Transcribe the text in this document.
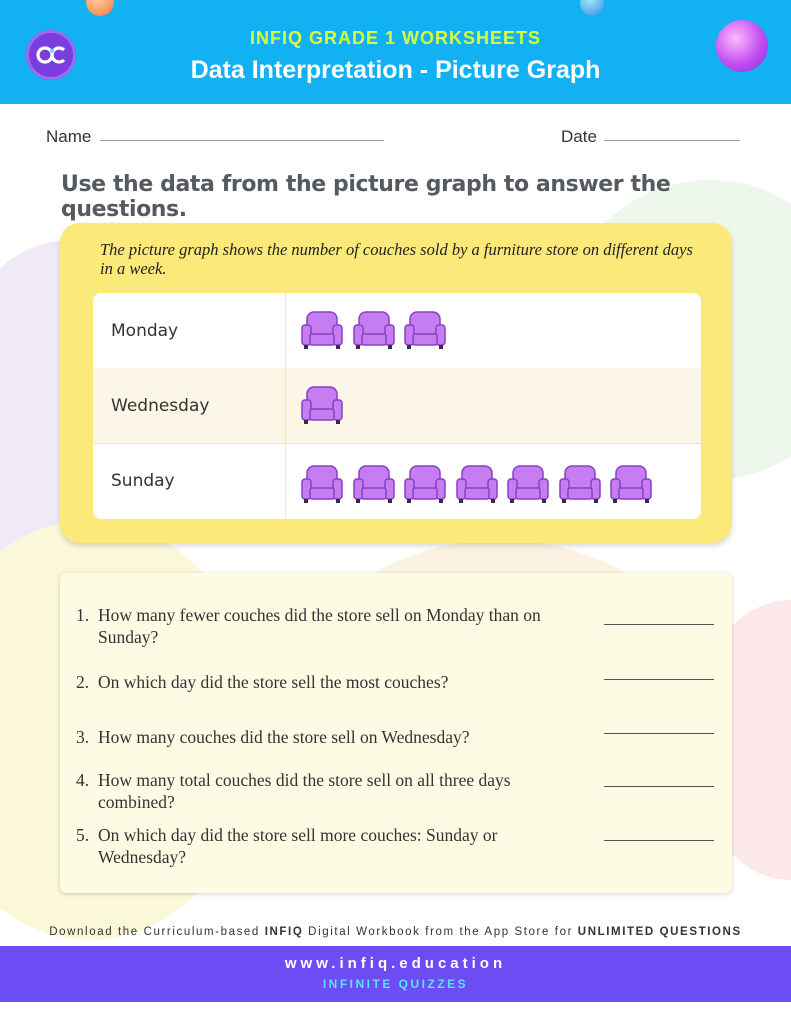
INFIQ GRADE 1 WORKSHEETS
Data Interpretation - Picture Graph
Name	Date
Use the data from the picture graph to answer the questions.
The picture graph shows the number of couches sold by a furniture store on different days in a week.
Monday
Wednesday
Sunday
1. How many fewer couches did the store sell on Monday than on Sunday?
2. On which day did the store sell the most couches?
3. How many couches did the store sell on Wednesday?
4. How many total couches did the store sell on all three days combined?
5. On which day did the store sell more couches: Sunday or Wednesday?
Download the Curriculum-based INFIQ Digital Workbook from the App Store for UNLIMITED QUESTIONS
www.infiq.education
INFINITE QUIZZES
